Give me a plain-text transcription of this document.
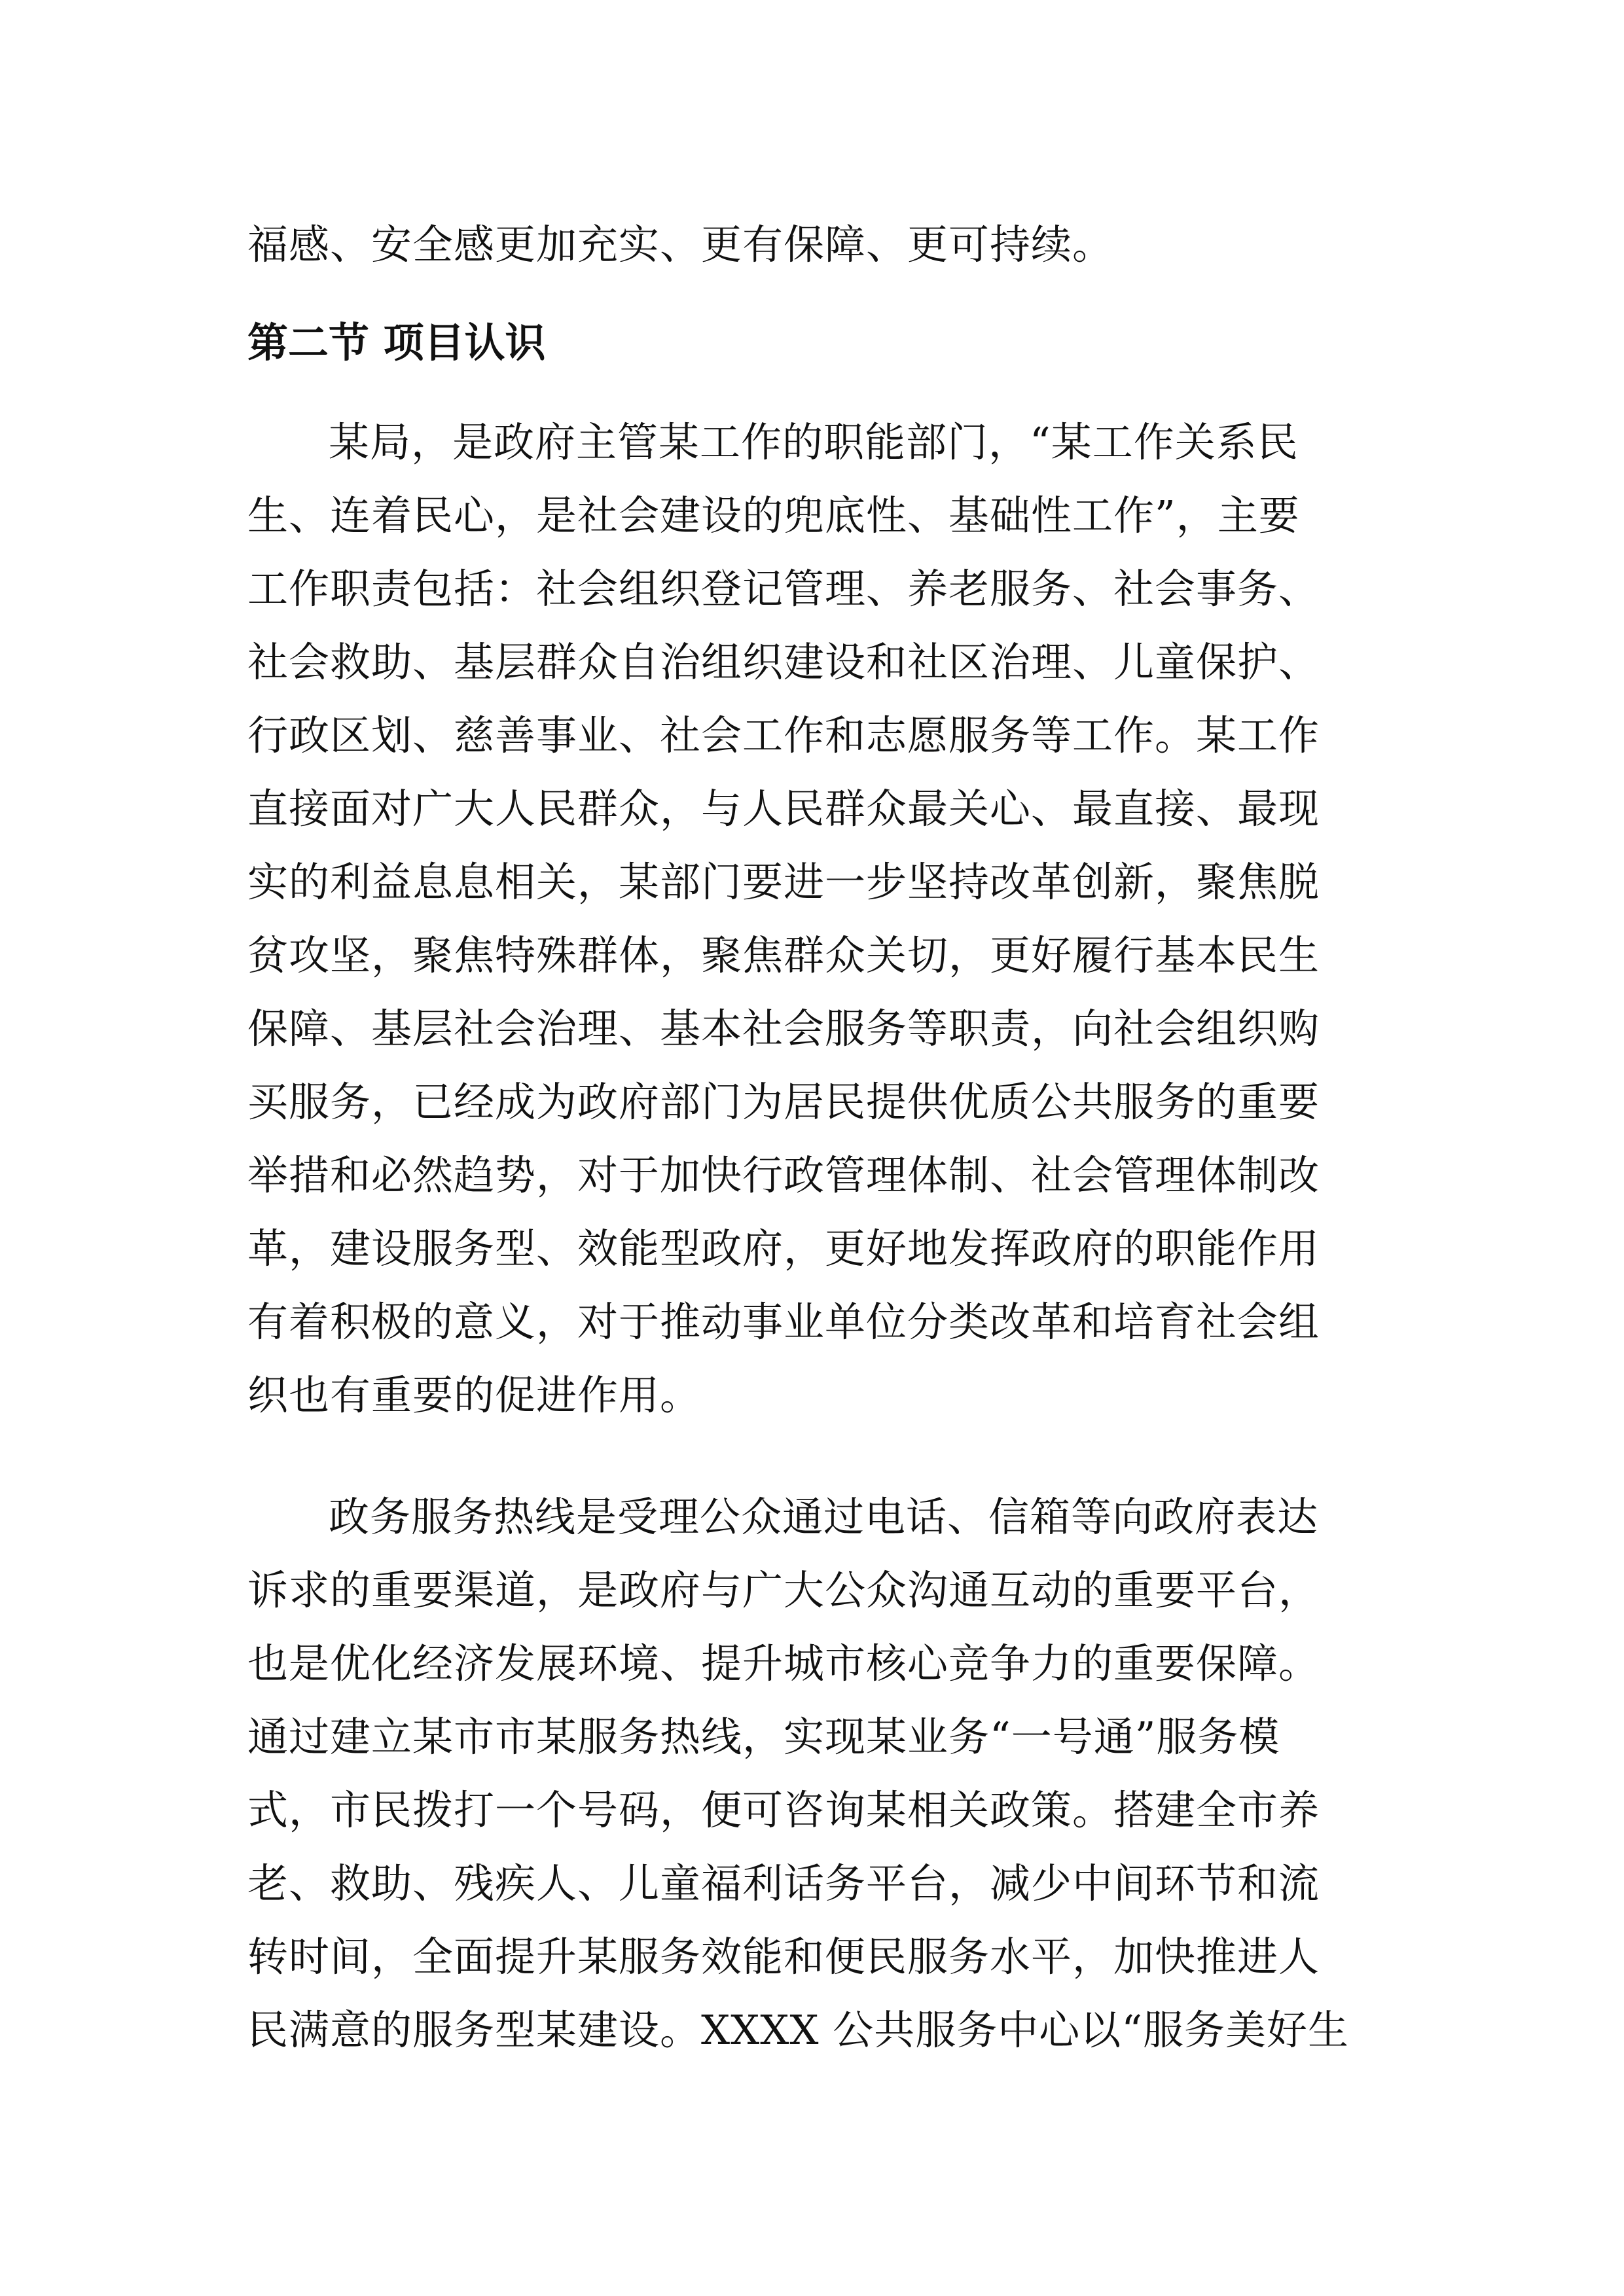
福感、安全感更加充实、更有保障、更可持续。
第二节 项目认识
某局，是政府主管某工作的职能部门，“某工作关系民
生、连着民心，是社会建设的兜底性、基础性工作”，主要
工作职责包括：社会组织登记管理、养老服务、社会事务、
社会救助、基层群众自治组织建设和社区治理、儿童保护、
行政区划、慈善事业、社会工作和志愿服务等工作。某工作
直接面对广大人民群众，与人民群众最关心、最直接、最现
实的利益息息相关，某部门要进一步坚持改革创新，聚焦脱
贫攻坚，聚焦特殊群体，聚焦群众关切，更好履行基本民生
保障、基层社会治理、基本社会服务等职责，向社会组织购
买服务，已经成为政府部门为居民提供优质公共服务的重要
举措和必然趋势，对于加快行政管理体制、社会管理体制改
革，建设服务型、效能型政府，更好地发挥政府的职能作用
有着积极的意义，对于推动事业单位分类改革和培育社会组
织也有重要的促进作用。
政务服务热线是受理公众通过电话、信箱等向政府表达
诉求的重要渠道，是政府与广大公众沟通互动的重要平台，
也是优化经济发展环境、提升城市核心竞争力的重要保障。
通过建立某市市某服务热线，实现某业务“一号通”服务模
式，市民拨打一个号码，便可咨询某相关政策。搭建全市养
老、救助、残疾人、儿童福利话务平台，减少中间环节和流
转时间，全面提升某服务效能和便民服务水平，加快推进人
民满意的服务型某建设。XXXX 公共服务中心以“服务美好生
